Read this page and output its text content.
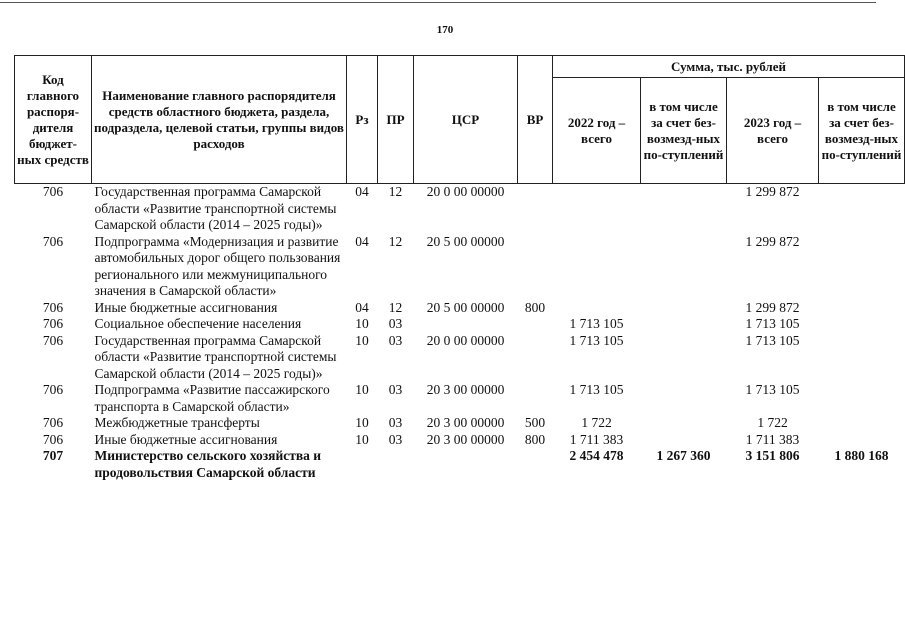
170
Код главного распоря-дителя бюджет-ных средств	Наименование главного распорядителя средств областного бюджета, раздела, подраздела, целевой статьи, группы видов расходов	Рз	ПР	ЦСР	ВР	Сумма, тыс. рублей			
						2022 год – всего	в том числе за счет без-возмезд-ных по-ступлений	2023 год – всего	в том числе за счет без-возмезд-ных по-ступлений
706	Государственная программа Самарской области «Развитие транспортной системы Самарской области (2014 – 2025 годы)»	04	12	20 0 00 00000				1 299 872	
706	Подпрограмма «Модернизация и развитие автомобильных дорог общего пользования регионального или межмуниципального значения в Самарской области»	04	12	20 5 00 00000				1 299 872	
706	Иные бюджетные ассигнования	04	12	20 5 00 00000	800			1 299 872	
706	Социальное обеспечение населения	10	03			1 713 105		1 713 105	
706	Государственная программа Самарской области «Развитие транспортной системы Самарской области (2014 – 2025 годы)»	10	03	20 0 00 00000		1 713 105		1 713 105	
706	Подпрограмма «Развитие пассажирского транспорта в Самарской области»	10	03	20 3 00 00000		1 713 105		1 713 105	
706	Межбюджетные трансферты	10	03	20 3 00 00000	500	1 722		1 722	
706	Иные бюджетные ассигнования	10	03	20 3 00 00000	800	1 711 383		1 711 383	
707	Министерство сельского хозяйства и продовольствия Самарской области					2 454 478	1 267 360	3 151 806	1 880 168
